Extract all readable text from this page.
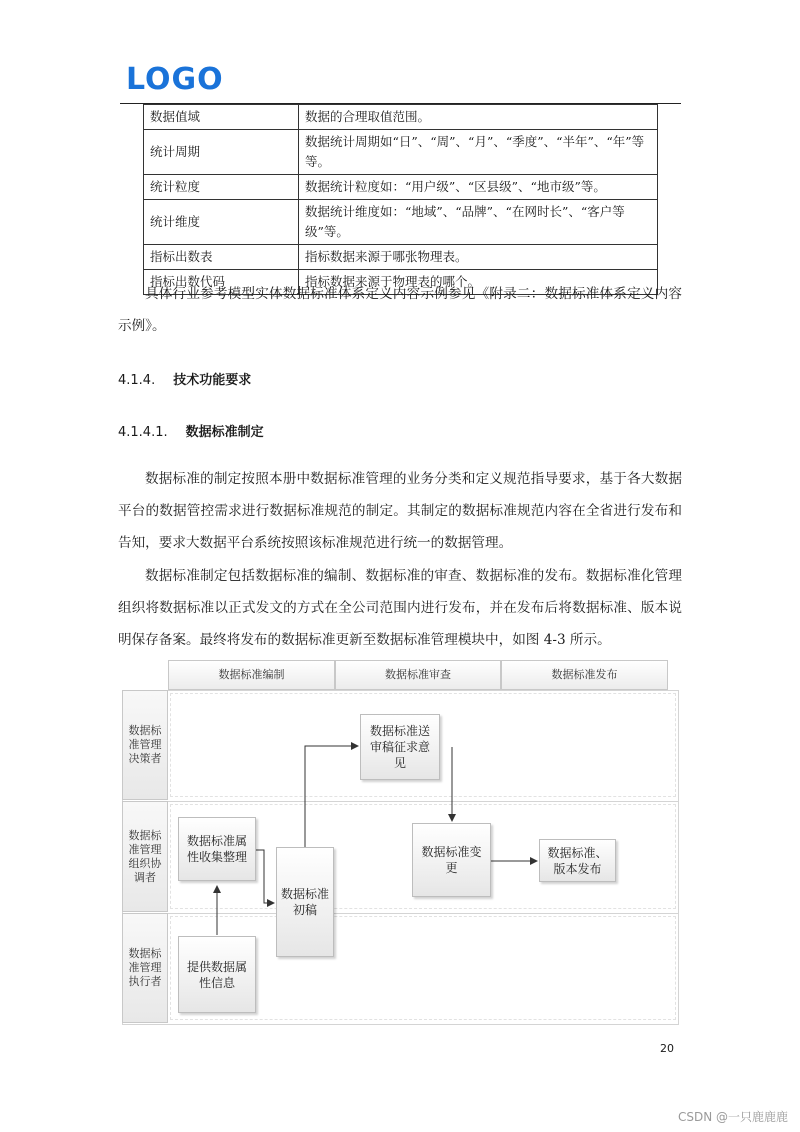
LOGO
数据值域	数据的合理取值范围。
统计周期	数据统计周期如“日”、“周”、“月”、“季度”、“半年”、“年”等等。
统计粒度	数据统计粒度如：“用户级”、“区县级”、“地市级”等。
统计维度	数据统计维度如：“地域”、“品牌”、“在网时长”、“客户等级”等。
指标出数表	指标数据来源于哪张物理表。
指标出数代码	指标数据来源于物理表的哪个。
具体行业参考模型实体数据标准体系定义内容示例参见《附录二：数据标准体系定义内容示例》。
4.1.4. 技术功能要求
4.1.4.1. 数据标准制定
数据标准的制定按照本册中数据标准管理的业务分类和定义规范指导要求，基于各大数据平台的数据管控需求进行数据标准规范的制定。其制定的数据标准规范内容在全省进行发布和告知，要求大数据平台系统按照该标准规范进行统一的数据管理。
数据标准制定包括数据标准的编制、数据标准的审查、数据标准的发布。数据标准化管理组织将数据标准以正式发文的方式在全公司范围内进行发布，并在发布后将数据标准、版本说明保存备案。最终将发布的数据标准更新至数据标准管理模块中，如图 4-3 所示。
数据标准编制	数据标准审查	数据标准发布
数据标准管理决策者
数据标准管理组织协调者
数据标准管理执行者
数据标准送审稿征求意见
数据标准属性收集整理
数据标准初稿
数据标准变更
数据标准、版本发布
提供数据属性信息
20
CSDN @一只鹿鹿鹿
